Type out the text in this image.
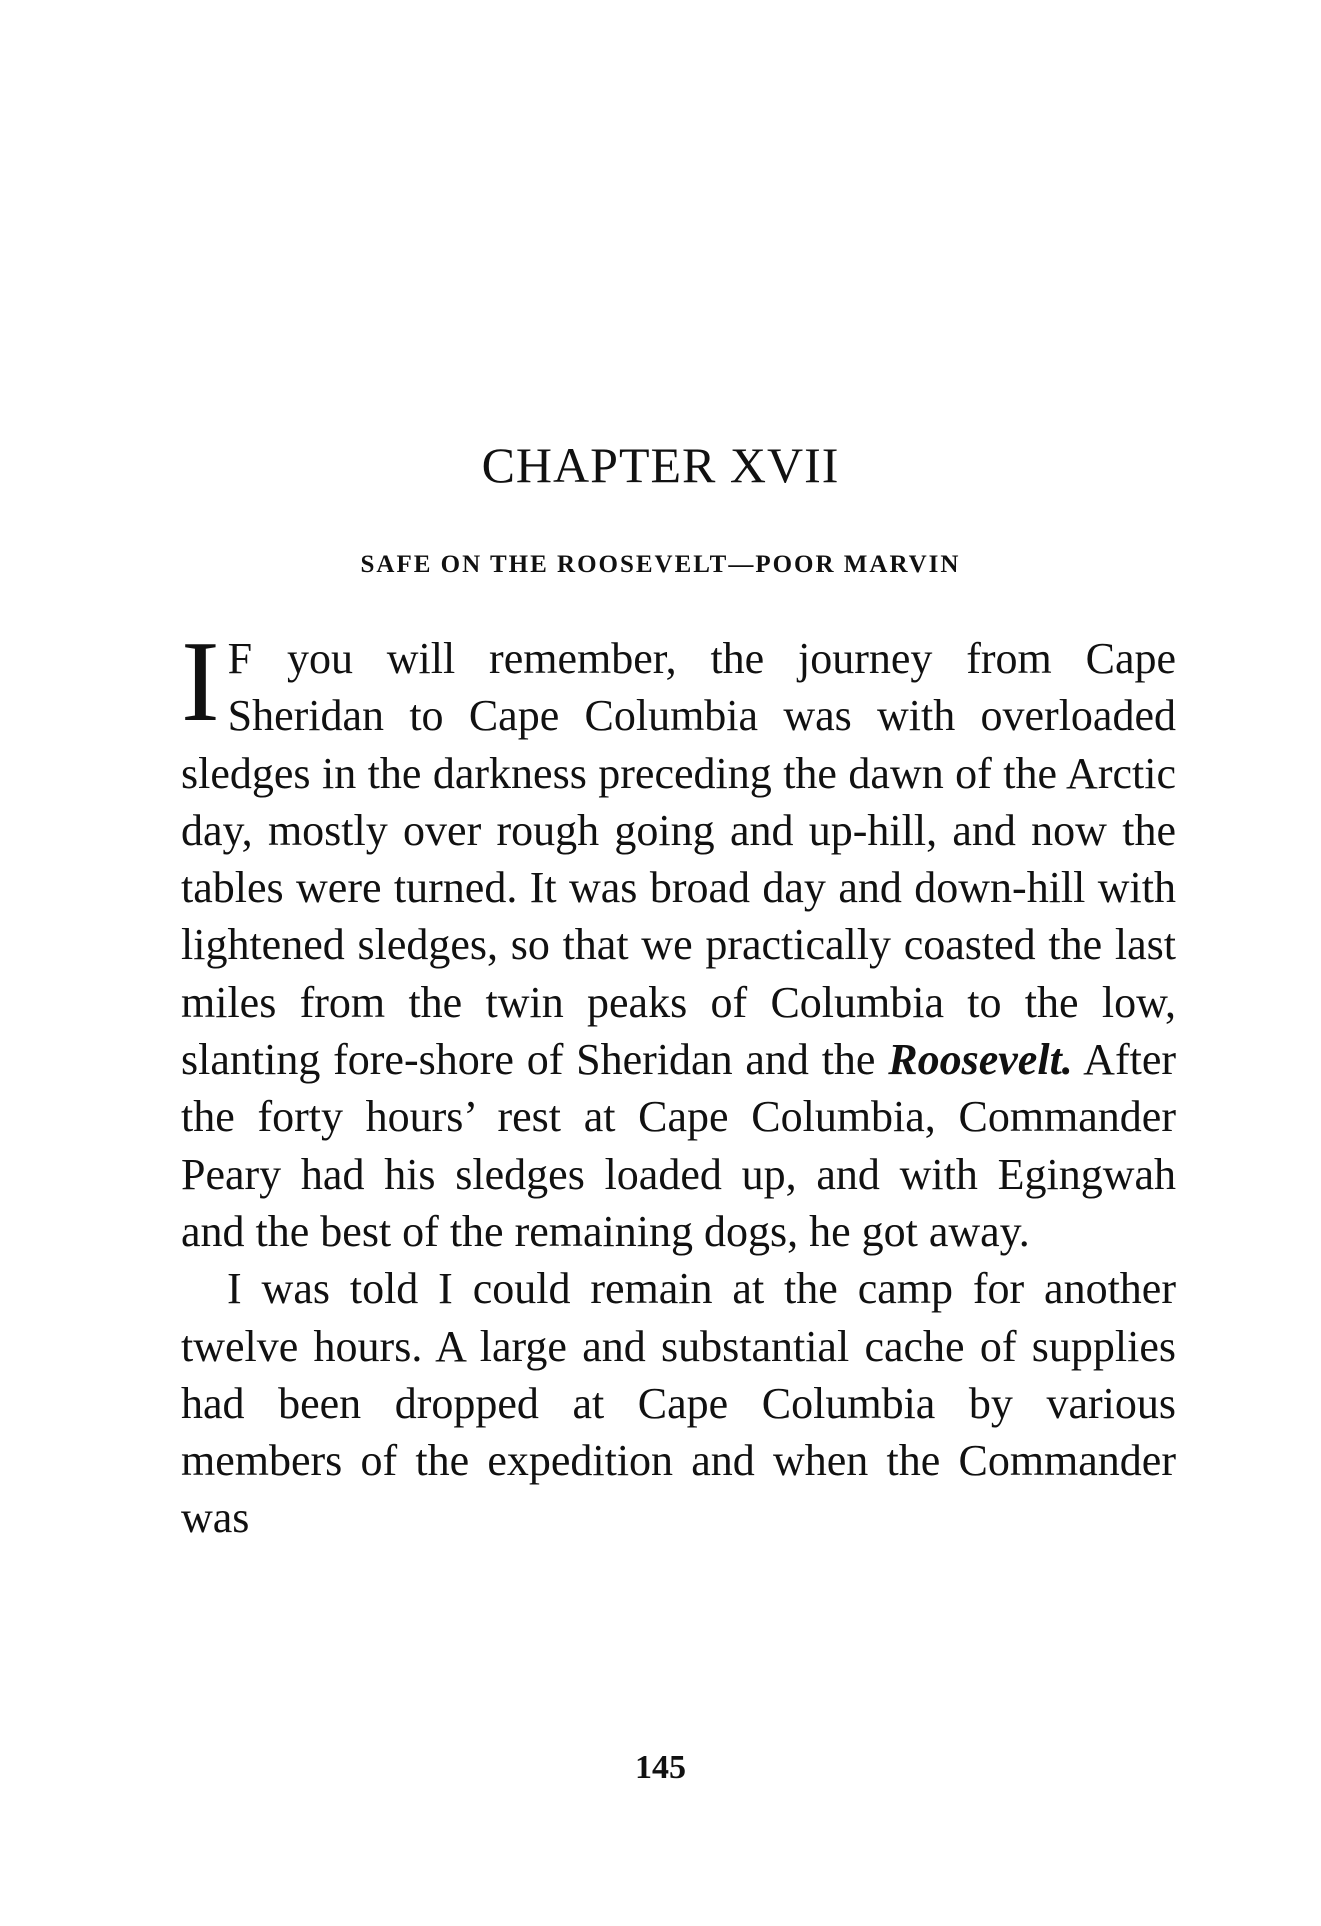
CHAPTER XVII
SAFE ON THE ROOSEVELT—POOR MARVIN

I F you will remember, the journey from Cape Sheridan to Cape Columbia was with overloaded sledges in the darkness preceding the dawn of the Arctic day, mostly over rough going and up-hill, and now the tables were turned. It was broad day and down-hill with lightened sledges, so that we practically coasted the last miles from the twin peaks of Columbia to the low, slanting fore-shore of Sheridan and the Roosevelt. After the forty hours’ rest at Cape Columbia, Commander Peary had his sledges loaded up, and with Egingwah and the best of the remaining dogs, he got away.

I was told I could remain at the camp for another twelve hours. A large and substantial cache of supplies had been dropped at Cape Columbia by various members of the expedition and when the Commander was

145
